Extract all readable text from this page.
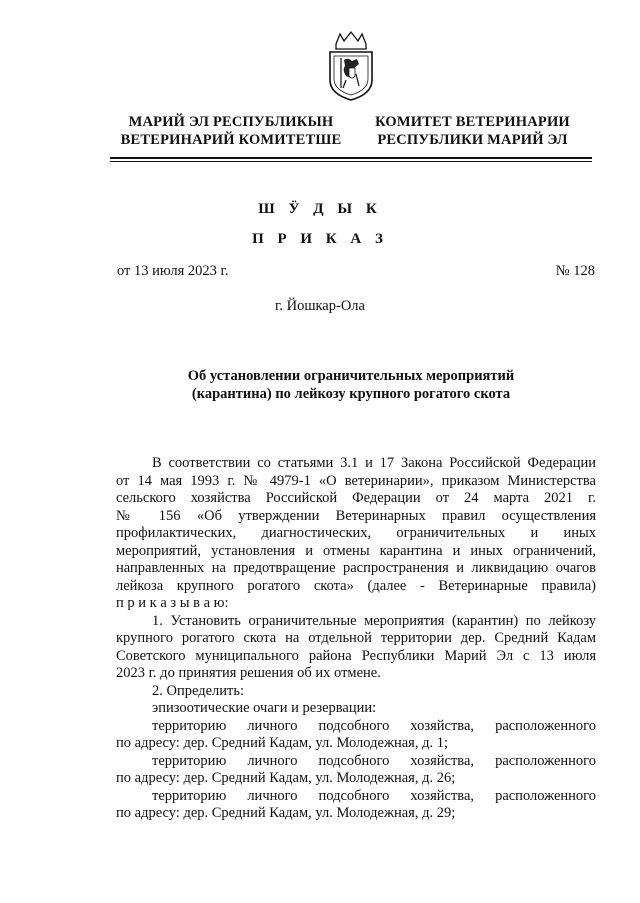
МАРИЙ ЭЛ РЕСПУБЛИКЫН
ВЕТЕРИНАРИЙ КОМИТЕТШЕ
КОМИТЕТ ВЕТЕРИНАРИИ
РЕСПУБЛИКИ МАРИЙ ЭЛ
Ш Ӱ Д Ы К
П Р И К А З
от 13 июля 2023 г.	№ 128
г. Йошкар-Ола
Об установлении ограничительных мероприятий
(карантина) по лейкозу крупного рогатого скота
В соответствии со статьями 3.1 и 17 Закона Российской Федерации
от 14 мая 1993 г. № 4979-1 «О ветеринарии», приказом Министерства
сельского хозяйства Российской Федерации от 24 марта 2021 г.
№ 156 «Об утверждении Ветеринарных правил осуществления
профилактических, диагностических, ограничительных и иных
мероприятий, установления и отмены карантина и иных ограничений,
направленных на предотвращение распространения и ликвидацию очагов
лейкоза крупного рогатого скота» (далее - Ветеринарные правила)
п р и к а з ы в а ю:
1. Установить ограничительные мероприятия (карантин) по лейкозу
крупного рогатого скота на отдельной территории дер. Средний Кадам
Советского муниципального района Республики Марий Эл с 13 июля
2023 г. до принятия решения об их отмене.
2. Определить:
эпизоотические очаги и резервации:
территорию личного подсобного хозяйства, расположенного
по адресу: дер. Средний Кадам, ул. Молодежная, д. 1;
территорию личного подсобного хозяйства, расположенного
по адресу: дер. Средний Кадам, ул. Молодежная, д. 26;
территорию личного подсобного хозяйства, расположенного
по адресу: дер. Средний Кадам, ул. Молодежная, д. 29;
